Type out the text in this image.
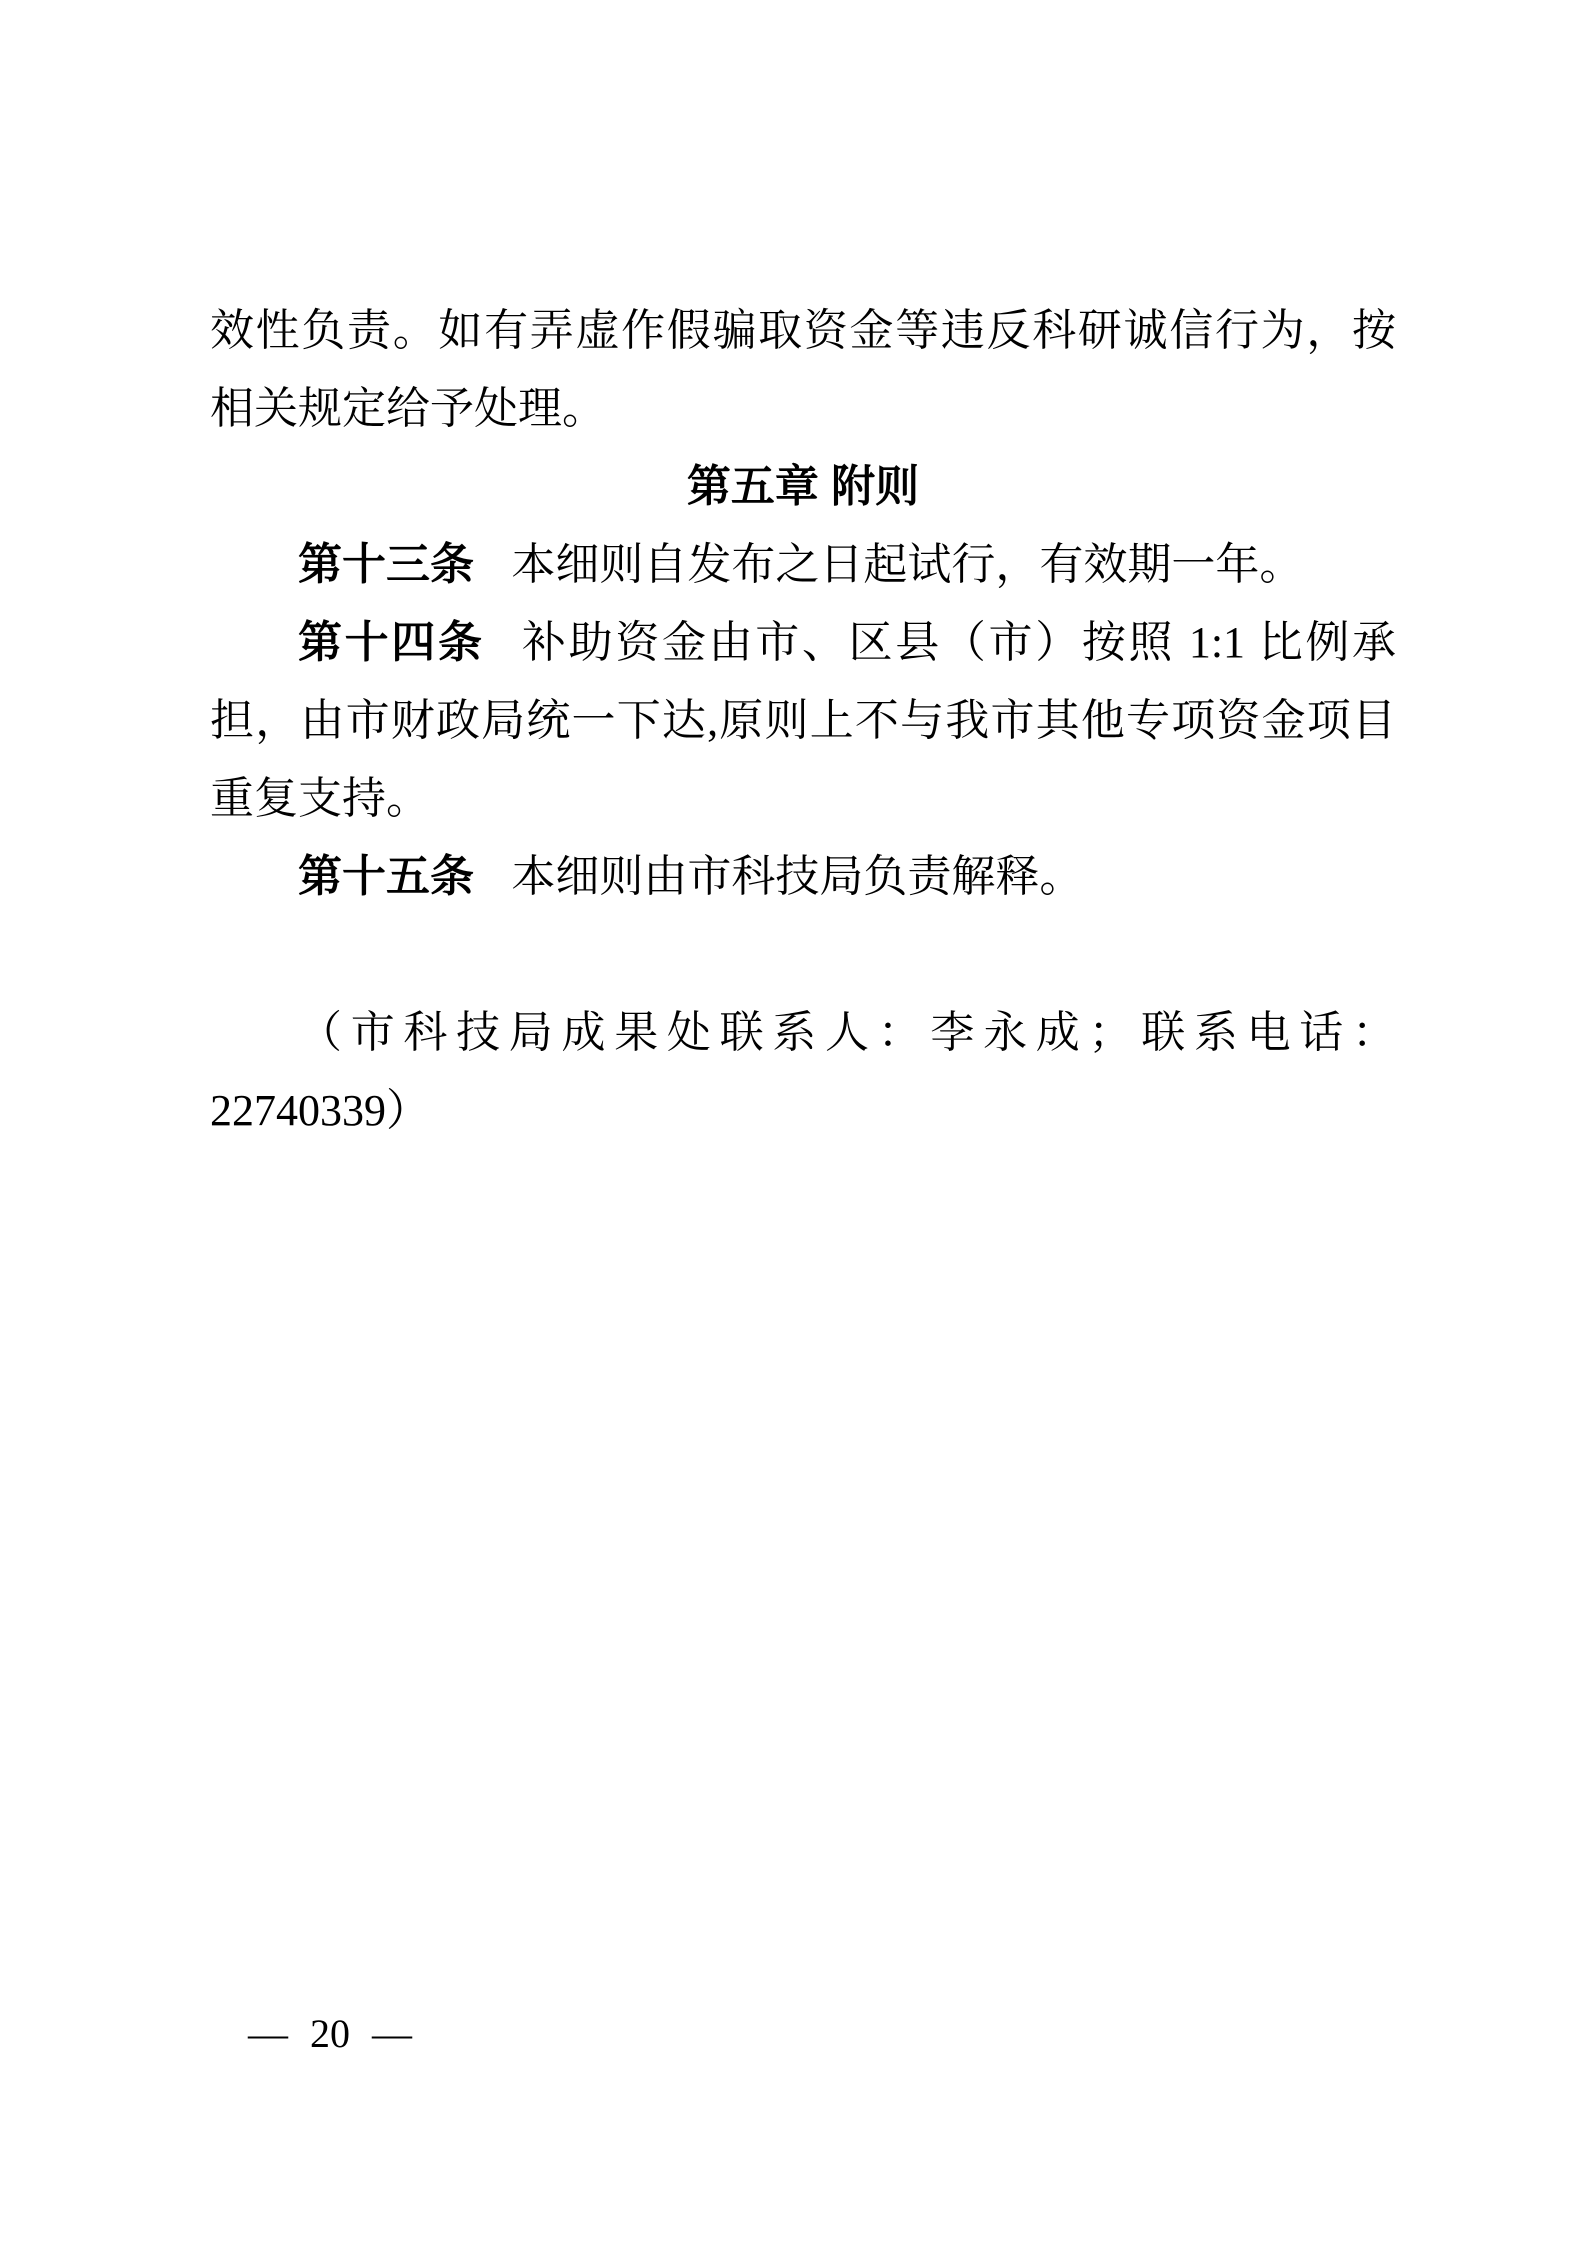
效性负责。如有弄虚作假骗取资金等违反科研诚信行为，按相关规定给予处理。

第五章 附则

第十三条 本细则自发布之日起试行，有效期一年。

第十四条 补助资金由市、区县（市）按照 1:1 比例承担，由市财政局统一下达,原则上不与我市其他专项资金项目重复支持。

第十五条 本细则由市科技局负责解释。

（市科技局成果处联系人：李永成；联系电话：22740339）

— 20 —
